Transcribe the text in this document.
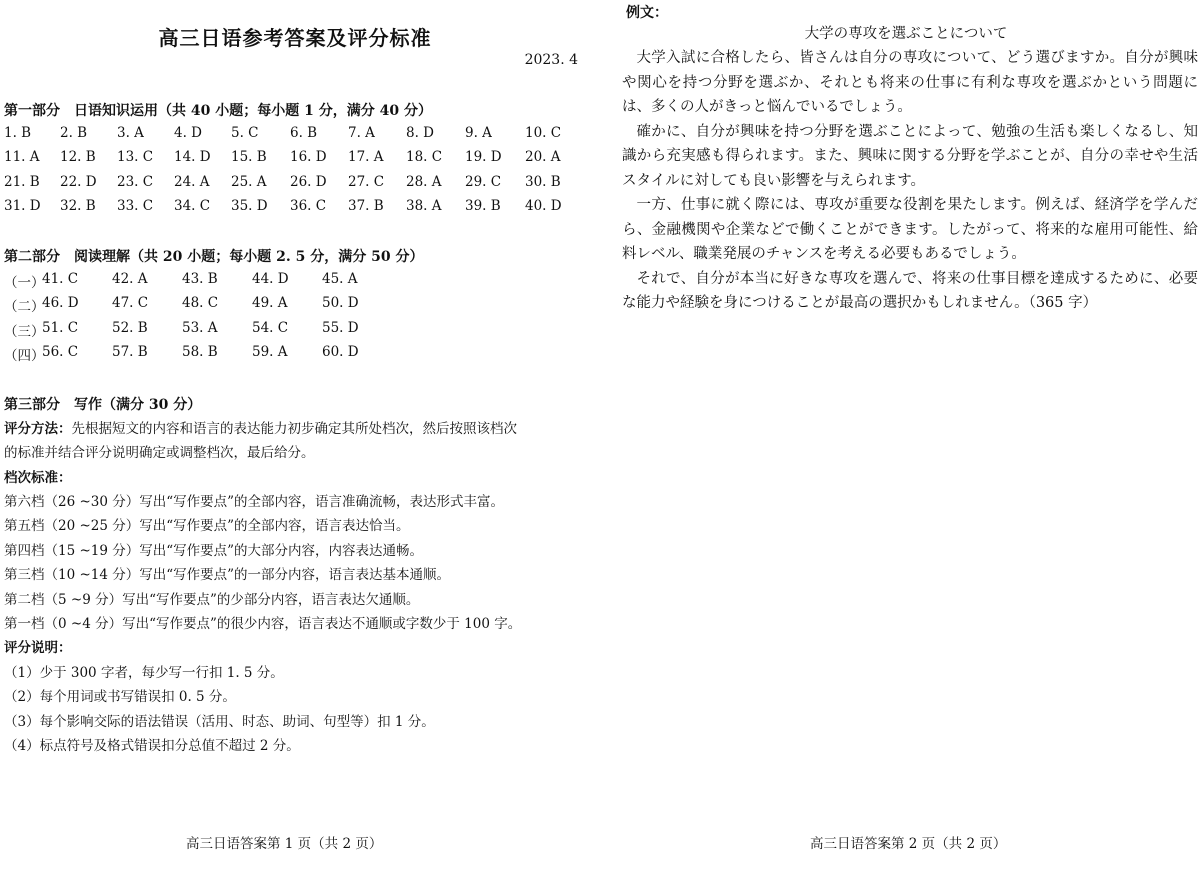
高三日语参考答案及评分标准
2023. 4
第一部分　日语知识运用（共 40 小题；每小题 1 分，满分 40 分）
1. B 2. B 3. A 4. D 5. C 6. B 7. A 8. D 9. A 10. C
11. A 12. B 13. C 14. D 15. B 16. D 17. A 18. C 19. D 20. A
21. B 22. D 23. C 24. A 25. A 26. D 27. C 28. A 29. C 30. B
31. D 32. B 33. C 34. C 35. D 36. C 37. B 38. A 39. B 40. D
第二部分　阅读理解（共 20 小题；每小题 2. 5 分，满分 50 分）
（一）
41. C	42. A	43. B	44. D 45. A
（二）
46. D 47. C	48. C	49. A	50. D
（三）
51. C	52. B	53. A	54. C	55. D
（四）
56. C	57. B	58. B	59. A	60. D
第三部分　写作（满分 30 分）
评分方法：先根据短文的内容和语言的表达能力初步确定其所处档次，然后按照该档次
的标准并结合评分说明确定或调整档次，最后给分。
档次标准：
第六档（26 ~30 分）写出“写作要点”的全部内容，语言准确流畅，表达形式丰富。
第五档（20 ~25 分）写出“写作要点”的全部内容，语言表达恰当。
第四档（15 ~19 分）写出“写作要点”的大部分内容，内容表达通畅。
第三档（10 ~14 分）写出“写作要点”的一部分内容，语言表达基本通顺。
第二档（5 ~9 分）写出“写作要点”的少部分内容，语言表达欠通顺。
第一档（0 ~4 分）写出“写作要点”的很少内容，语言表达不通顺或字数少于 100 字。
评分说明：
（1）少于 300 字者，每少写一行扣 1. 5 分。
（2）每个用词或书写错误扣 0. 5 分。
（3）每个影响交际的语法错误（活用、时态、助词、句型等）扣 1 分。
（4）标点符号及格式错误扣分总值不超过 2 分。
高三日语答案第 1 页（共 2 页）
例文：
大学の専攻を選ぶことについて

大学入試に合格したら、皆さんは自分の専攻について、どう選びますか。自分が興味や関心を持つ分野を選ぶか、それとも将来の仕事に有利な専攻を選ぶかという問題には、多くの人がきっと悩んでいるでしょう。

確かに、自分が興味を持つ分野を選ぶことによって、勉強の生活も楽しくなるし、知識から充実感も得られます。また、興味に関する分野を学ぶことが、自分の幸せや生活スタイルに対しても良い影響を与えられます。

一方、仕事に就く際には、専攻が重要な役割を果たします。例えば、経済学を学んだら、金融機関や企業などで働くことができます。したがって、将来的な雇用可能性、給料レベル、職業発展のチャンスを考える必要もあるでしょう。

それで、自分が本当に好きな専攻を選んで、将来の仕事目標を達成するために、必要な能力や経験を身につけることが最高の選択かもしれません。（365 字）

高三日语答案第 2 页（共 2 页）
